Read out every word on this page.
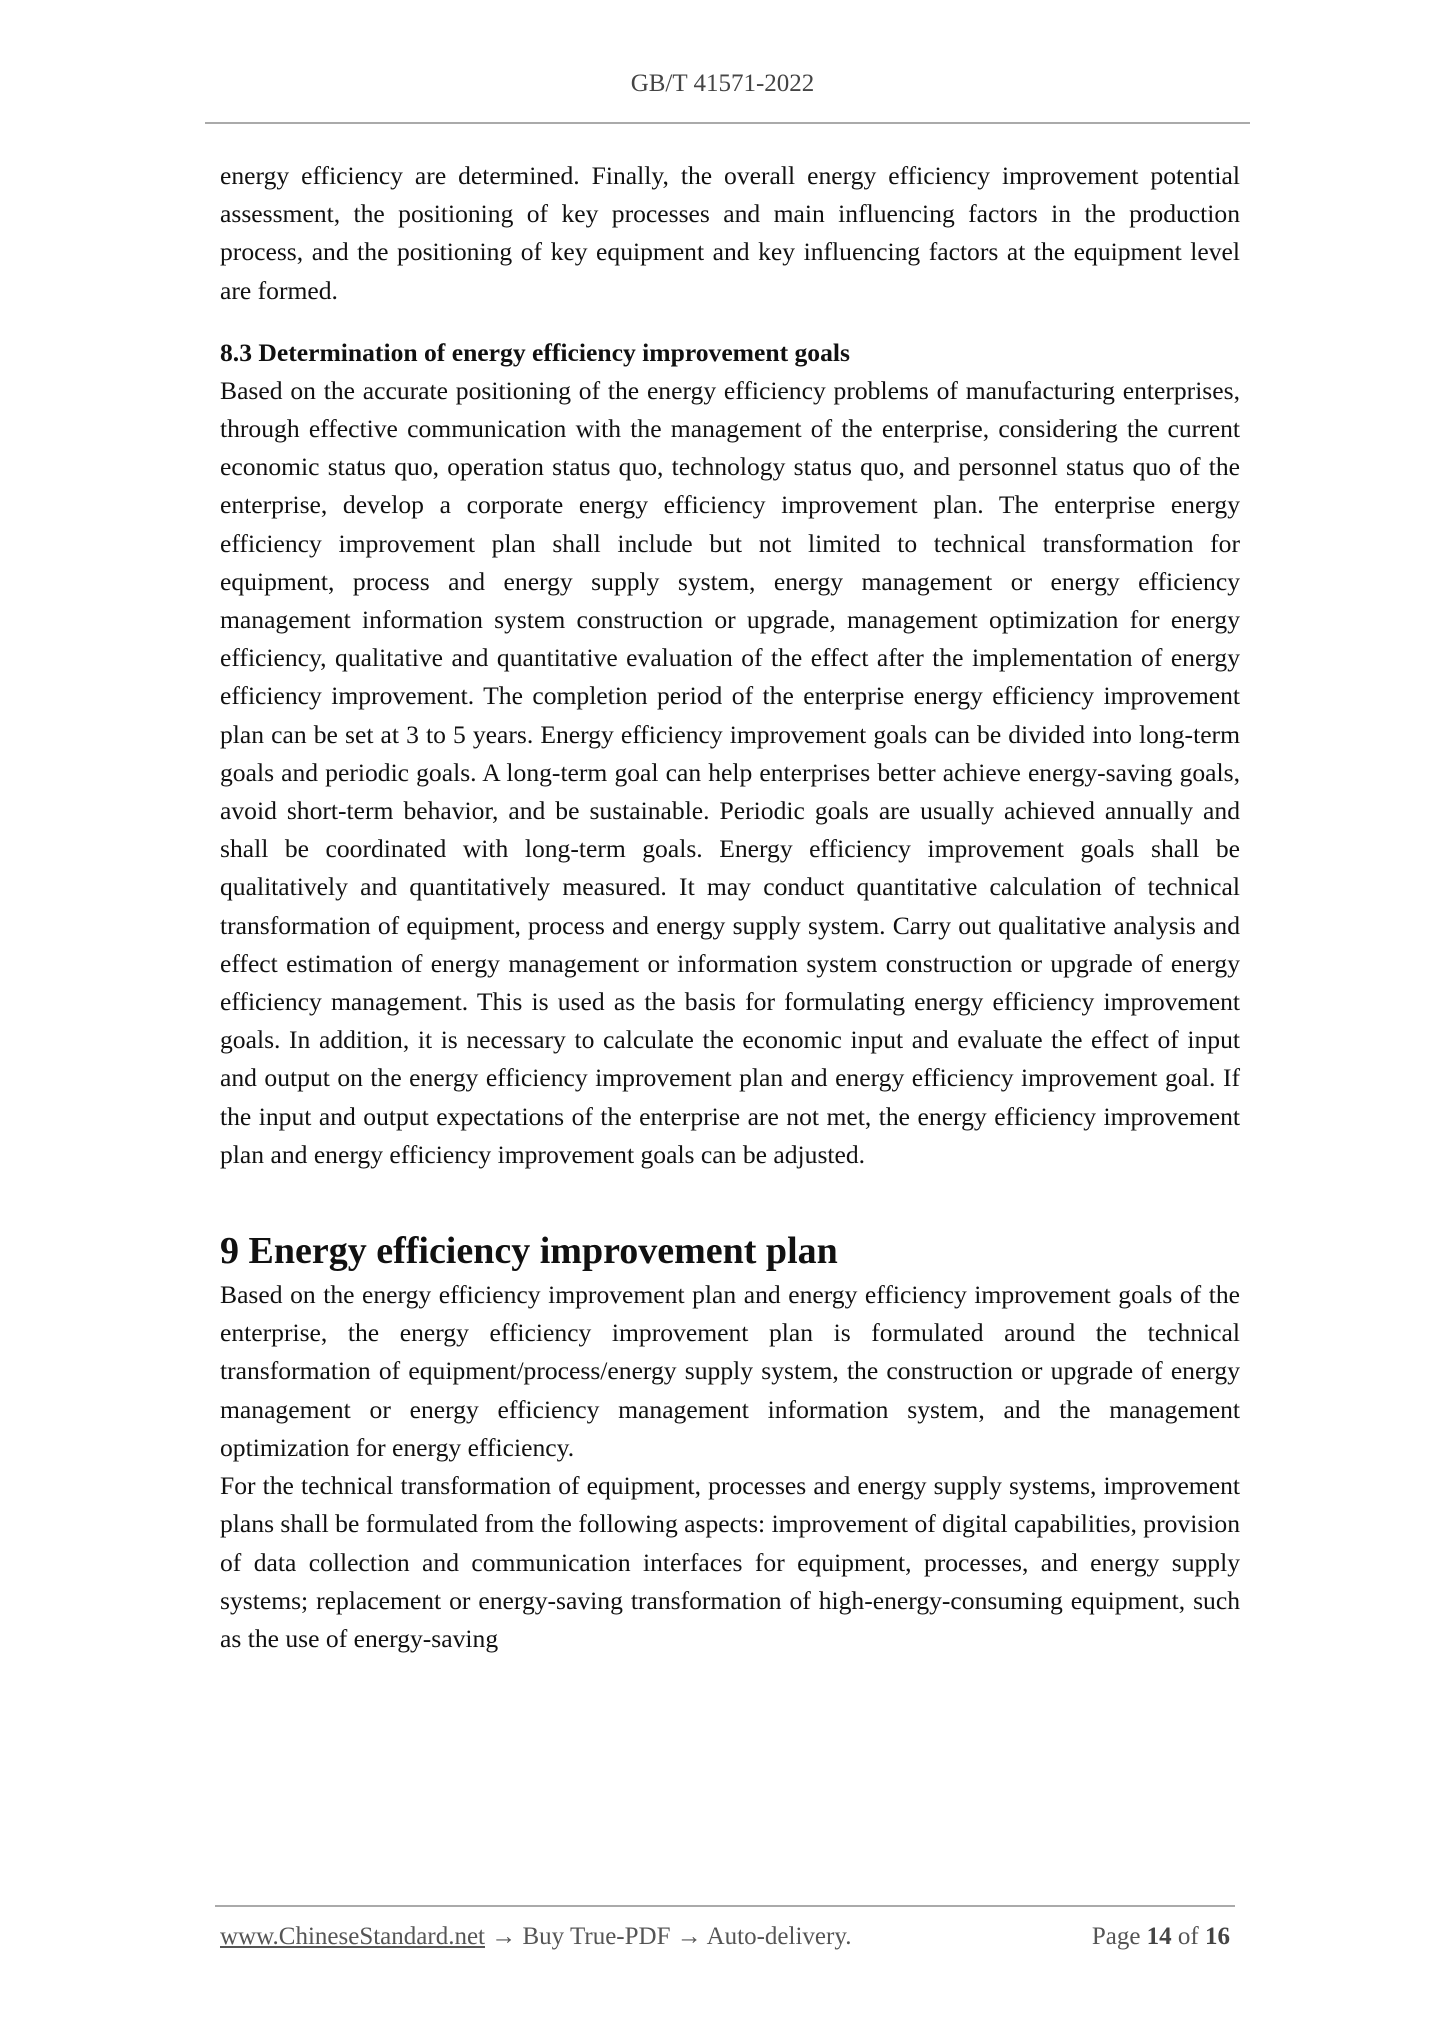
GB/T 41571-2022

energy efficiency are determined. Finally, the overall energy efficiency improvement potential assessment, the positioning of key processes and main influencing factors in the production process, and the positioning of key equipment and key influencing factors at the equipment level are formed.

8.3 Determination of energy efficiency improvement goals

Based on the accurate positioning of the energy efficiency problems of manufacturing enterprises, through effective communication with the management of the enterprise, considering the current economic status quo, operation status quo, technology status quo, and personnel status quo of the enterprise, develop a corporate energy efficiency improvement plan. The enterprise energy efficiency improvement plan shall include but not limited to technical transformation for equipment, process and energy supply system, energy management or energy efficiency management information system construction or upgrade, management optimization for energy efficiency, qualitative and quantitative evaluation of the effect after the implementation of energy efficiency improvement. The completion period of the enterprise energy efficiency improvement plan can be set at 3 to 5 years. Energy efficiency improvement goals can be divided into long-term goals and periodic goals. A long-term goal can help enterprises better achieve energy-saving goals, avoid short-term behavior, and be sustainable. Periodic goals are usually achieved annually and shall be coordinated with long-term goals. Energy efficiency improvement goals shall be qualitatively and quantitatively measured. It may conduct quantitative calculation of technical transformation of equipment, process and energy supply system. Carry out qualitative analysis and effect estimation of energy management or information system construction or upgrade of energy efficiency management. This is used as the basis for formulating energy efficiency improvement goals. In addition, it is necessary to calculate the economic input and evaluate the effect of input and output on the energy efficiency improvement plan and energy efficiency improvement goal. If the input and output expectations of the enterprise are not met, the energy efficiency improvement plan and energy efficiency improvement goals can be adjusted.

9 Energy efficiency improvement plan

Based on the energy efficiency improvement plan and energy efficiency improvement goals of the enterprise, the energy efficiency improvement plan is formulated around the technical transformation of equipment/process/energy supply system, the construction or upgrade of energy management or energy efficiency management information system, and the management optimization for energy efficiency.

For the technical transformation of equipment, processes and energy supply systems, improvement plans shall be formulated from the following aspects: improvement of digital capabilities, provision of data collection and communication interfaces for equipment, processes, and energy supply systems; replacement or energy-saving transformation of high-energy-consuming equipment, such as the use of energy-saving

www.ChineseStandard.net → Buy True-PDF → Auto-delivery.	Page 14 of 16
